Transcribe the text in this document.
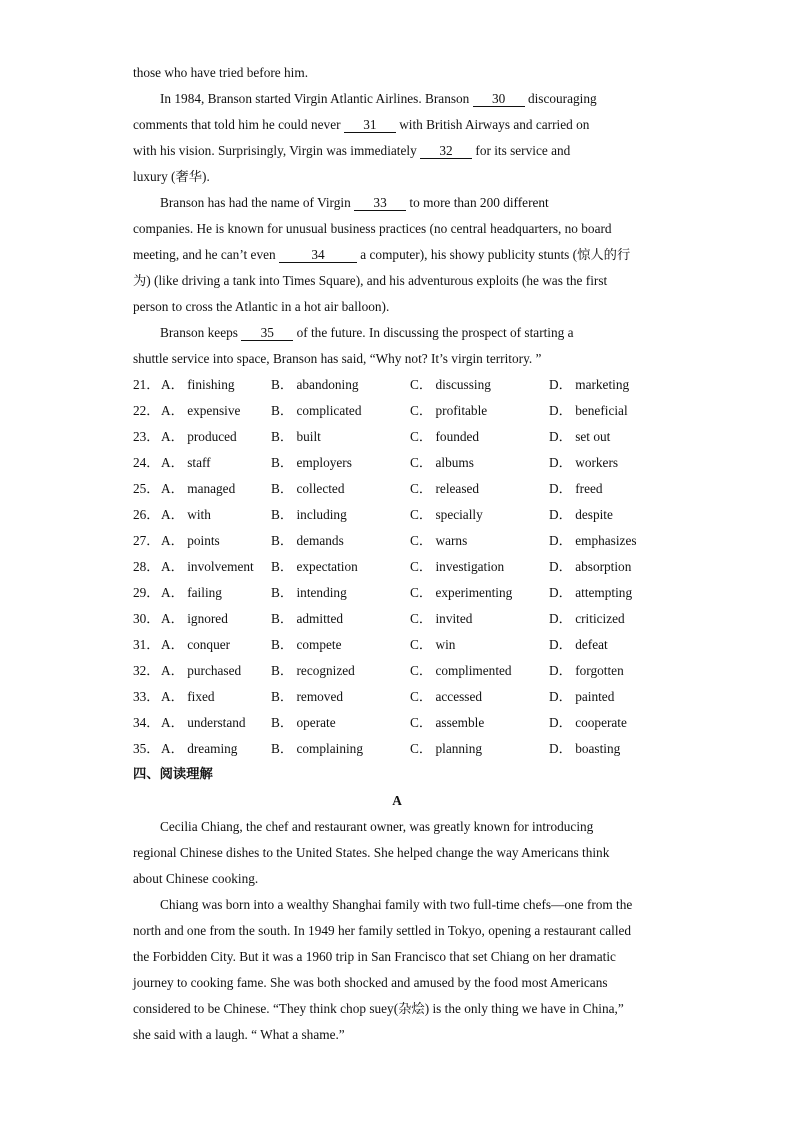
those who have tried before him.
In 1984, Branson started Virgin Atlantic Airlines. Branson 30 discouraging
comments that told him he could never 31 with British Airways and carried on
with his vision. Surprisingly, Virgin was immediately 32 for its service and
luxury (奢华).
Branson has had the name of Virgin 33 to more than 200 different
companies. He is known for unusual business practices (no central headquarters, no board
meeting, and he can’t even	34	a computer), his showy publicity stunts (惊人的行
为) (like driving a tank into Times Square), and his adventurous exploits (he was the first
person to cross the Atlantic in a hot air balloon).
Branson keeps 35 of the future. In discussing the prospect of starting a
shuttle service into space, Branson has said, “Why not? It’s virgin territory. ”
21． A． finishing	B． abandoning	C． discussing	D． marketing
22． A． expensive B． complicated	C． profitable	D． beneficial
23． A． produced	B． built	C． founded	D． set out
24． A． staff	B． employers	C． albums	D． workers
25． A． managed	B． collected	C． released	D． freed
26． A． with	B． including	C． specially	D． despite
27． A． points	B． demands	C． warns	D． emphasizes
28． A． involvement B． expectation	C． investigation	D． absorption
29． A． failing	B． intending	C． experimenting	D． attempting
30． A． ignored	B． admitted	C． invited	D． criticized
31． A． conquer	B． compete	C． win	D． defeat
32． A． purchased B． recognized	C． complimented	D． forgotten
33． A． fixed	B． removed	C． accessed	D． painted
34． A． understand B． operate	C． assemble	D． cooperate
35． A． dreaming	B． complaining	C． planning	D． boasting
四、阅读理解
A
Cecilia Chiang, the chef and restaurant owner, was greatly known for introducing
regional Chinese dishes to the United States. She helped change the way Americans think
about Chinese cooking.
Chiang was born into a wealthy Shanghai family with two full-time chefs—one from the
north and one from the south. In 1949 her family settled in Tokyo, opening a restaurant called
the Forbidden City. But it was a 1960 trip in San Francisco that set Chiang on her dramatic
journey to cooking fame. She was both shocked and amused by the food most Americans
considered to be Chinese. “They think chop suey(杂烩) is the only thing we have in China,”
she said with a laugh. “ What a shame.”
